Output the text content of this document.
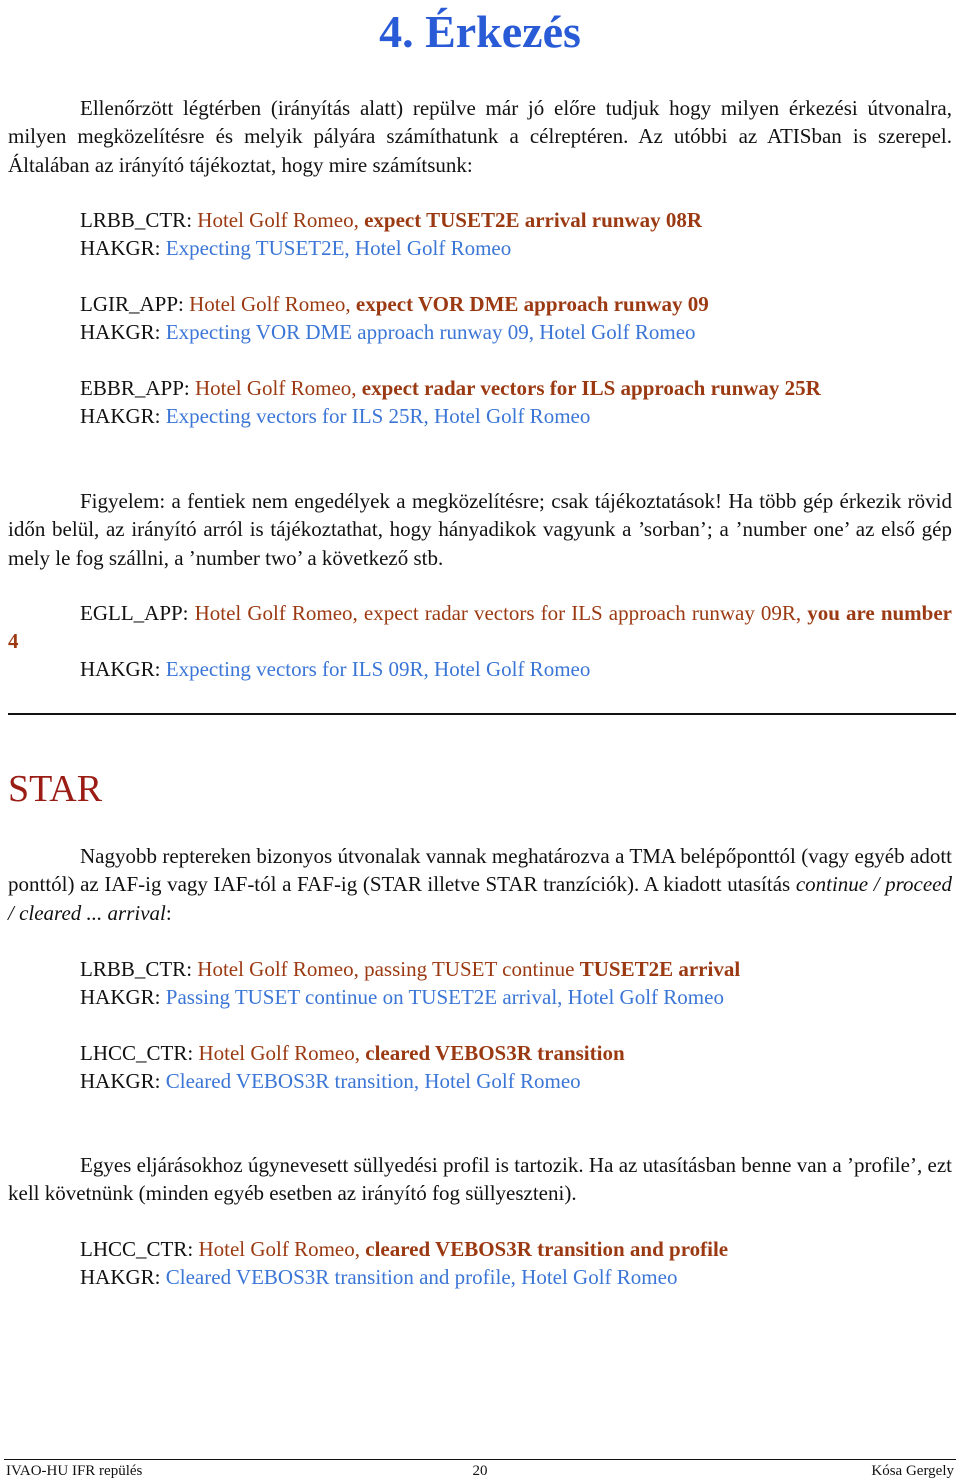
4. Érkezés

Ellenőrzött légtérben (irányítás alatt) repülve már jó előre tudjuk hogy milyen érkezési útvonalra, milyen megközelítésre és melyik pályára számíthatunk a célreptéren. Az utóbbi az ATISban is szerepel. Általában az irányító tájékoztat, hogy mire számítsunk:

LRBB_CTR: Hotel Golf Romeo, expect TUSET2E arrival runway 08R
HAKGR: Expecting TUSET2E, Hotel Golf Romeo
LGIR_APP: Hotel Golf Romeo, expect VOR DME approach runway 09
HAKGR: Expecting VOR DME approach runway 09, Hotel Golf Romeo
EBBR_APP: Hotel Golf Romeo, expect radar vectors for ILS approach runway 25R
HAKGR: Expecting vectors for ILS 25R, Hotel Golf Romeo

Figyelem: a fentiek nem engedélyek a megközelítésre; csak tájékoztatások! Ha több gép érkezik rövid időn belül, az irányító arról is tájékoztathat, hogy hányadikok vagyunk a ’sorban’; a ’number one’ az első gép mely le fog szállni, a ’number two’ a következő stb.

EGLL_APP: Hotel Golf Romeo, expect radar vectors for ILS approach runway 09R, you are number 4

HAKGR: Expecting vectors for ILS 09R, Hotel Golf Romeo
STAR

Nagyobb reptereken bizonyos útvonalak vannak meghatározva a TMA belépőponttól (vagy egyéb adott ponttól) az IAF-ig vagy IAF-tól a FAF-ig (STAR illetve STAR tranzíciók). A kiadott utasítás continue / proceed / cleared ... arrival:

LRBB_CTR: Hotel Golf Romeo, passing TUSET continue TUSET2E arrival
HAKGR: Passing TUSET continue on TUSET2E arrival, Hotel Golf Romeo
LHCC_CTR: Hotel Golf Romeo, cleared VEBOS3R transition
HAKGR: Cleared VEBOS3R transition, Hotel Golf Romeo

Egyes eljárásokhoz úgynevesett süllyedési profil is tartozik. Ha az utasításban benne van a ’profile’, ezt kell követnünk (minden egyéb esetben az irányító fog süllyeszteni).

LHCC_CTR: Hotel Golf Romeo, cleared VEBOS3R transition and profile
HAKGR: Cleared VEBOS3R transition and profile, Hotel Golf Romeo
IVAO-HU IFR repülés	20	Kósa Gergely
